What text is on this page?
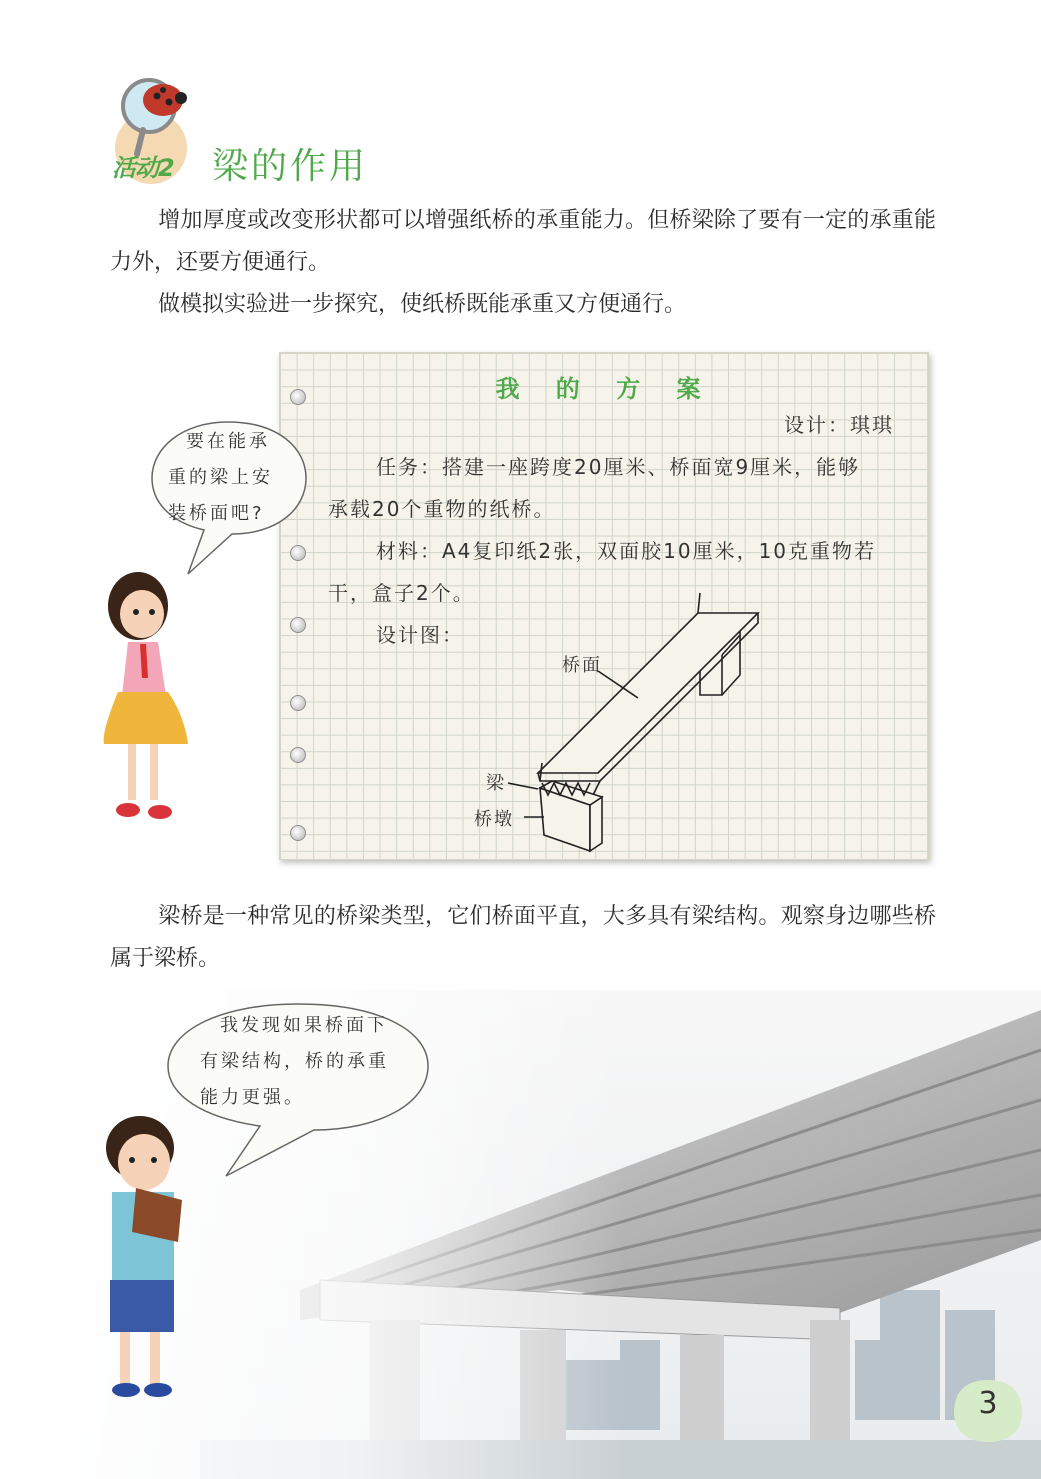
活动2 梁的作用
增加厚度或改变形状都可以增强纸桥的承重能力。但桥梁除了要有一定的承重能力外，还要方便通行。
做模拟实验进一步探究，使纸桥既能承重又方便通行。
我 的 方 案
设计：琪琪
任务：搭建一座跨度20厘米、桥面宽9厘米，能够
承载20个重物的纸桥。
材料：A4复印纸2张，双面胶10厘米，10克重物若
干，盒子2个。
设计图：
桥面
梁
桥墩
要在能承
重的梁上安
装桥面吧?
梁桥是一种常见的桥梁类型，它们桥面平直，大多具有梁结构。观察身边哪些桥属于梁桥。
我发现如果桥面下
有梁结构，桥的承重
能力更强。
3
